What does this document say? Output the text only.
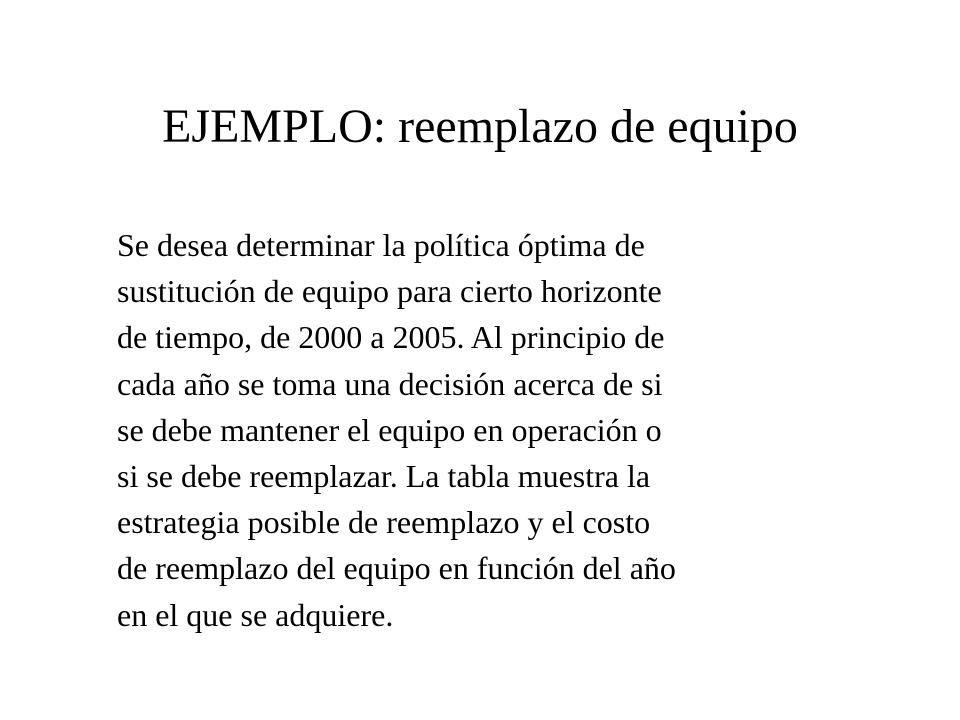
EJEMPLO: reemplazo de equipo

Se desea determinar la política óptima de
sustitución de equipo para cierto horizonte
de tiempo, de 2000 a 2005. Al principio de
cada año se toma una decisión acerca de si
se debe mantener el equipo en operación o
si se debe reemplazar. La tabla muestra la
estrategia posible de reemplazo y el costo
de reemplazo del equipo en función del año
en el que se adquiere.
